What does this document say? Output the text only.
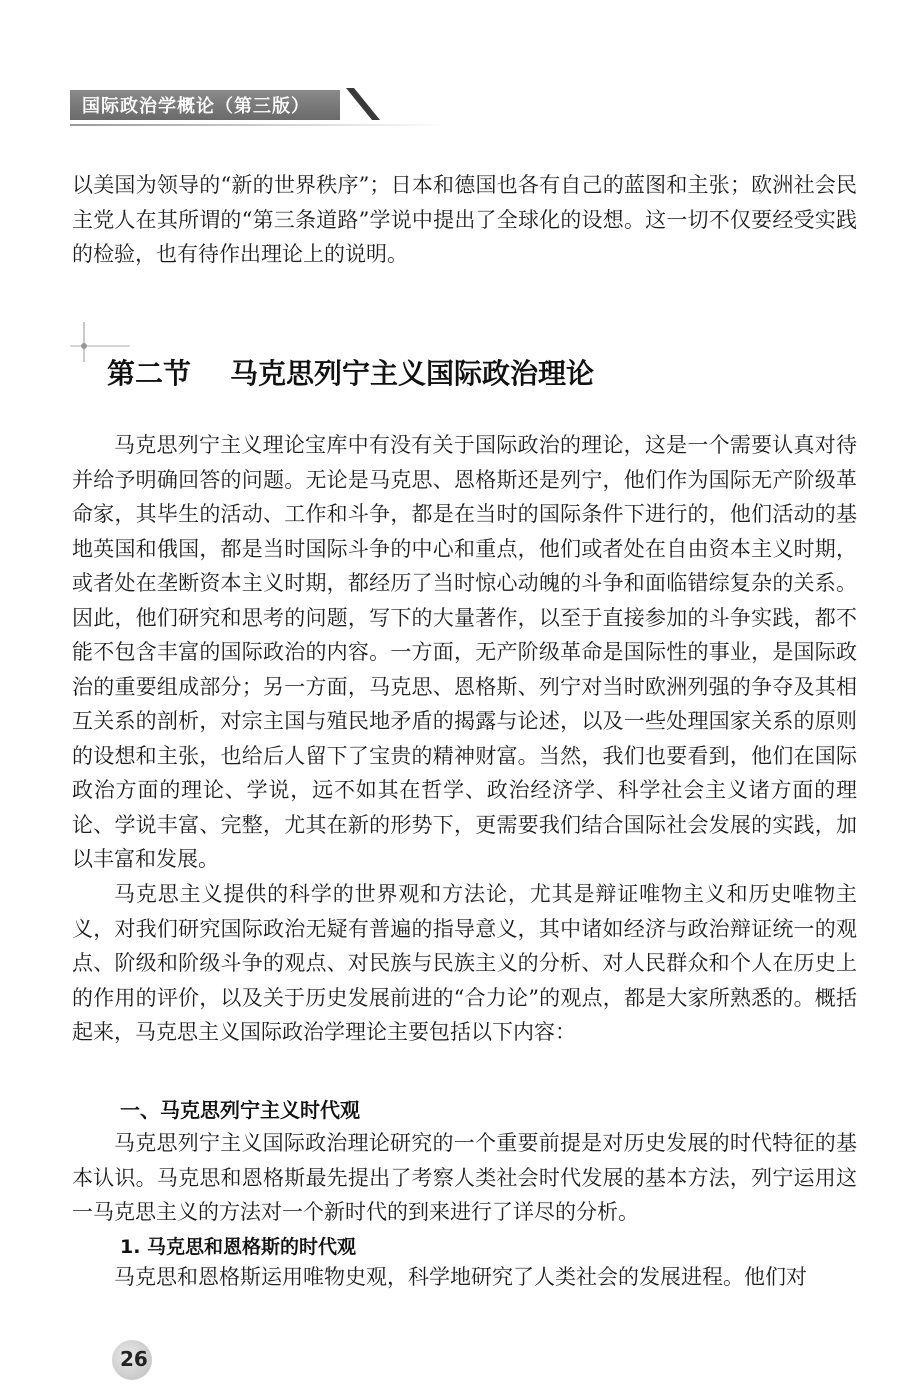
国际政治学概论（第三版）

以美国为领导的“新的世界秩序”；日本和德国也各有自己的蓝图和主张；欧洲社会民主党人在其所谓的“第三条道路”学说中提出了全球化的设想。这一切不仅要经受实践的检验，也有待作出理论上的说明。

第二节    马克思列宁主义国际政治理论

马克思列宁主义理论宝库中有没有关于国际政治的理论，这是一个需要认真对待并给予明确回答的问题。无论是马克思、恩格斯还是列宁，他们作为国际无产阶级革命家，其毕生的活动、工作和斗争，都是在当时的国际条件下进行的，他们活动的基地英国和俄国，都是当时国际斗争的中心和重点，他们或者处在自由资本主义时期，或者处在垄断资本主义时期，都经历了当时惊心动魄的斗争和面临错综复杂的关系。因此，他们研究和思考的问题，写下的大量著作，以至于直接参加的斗争实践，都不能不包含丰富的国际政治的内容。一方面，无产阶级革命是国际性的事业，是国际政治的重要组成部分；另一方面，马克思、恩格斯、列宁对当时欧洲列强的争夺及其相互关系的剖析，对宗主国与殖民地矛盾的揭露与论述，以及一些处理国家关系的原则的设想和主张，也给后人留下了宝贵的精神财富。当然，我们也要看到，他们在国际政治方面的理论、学说，远不如其在哲学、政治经济学、科学社会主义诸方面的理论、学说丰富、完整，尤其在新的形势下，更需要我们结合国际社会发展的实践，加以丰富和发展。

马克思主义提供的科学的世界观和方法论，尤其是辩证唯物主义和历史唯物主义，对我们研究国际政治无疑有普遍的指导意义，其中诸如经济与政治辩证统一的观点、阶级和阶级斗争的观点、对民族与民族主义的分析、对人民群众和个人在历史上的作用的评价，以及关于历史发展前进的“合力论”的观点，都是大家所熟悉的。概括起来，马克思主义国际政治学理论主要包括以下内容：

一、马克思列宁主义时代观

马克思列宁主义国际政治理论研究的一个重要前提是对历史发展的时代特征的基本认识。马克思和恩格斯最先提出了考察人类社会时代发展的基本方法，列宁运用这一马克思主义的方法对一个新时代的到来进行了详尽的分析。

1. 马克思和恩格斯的时代观

马克思和恩格斯运用唯物史观，科学地研究了人类社会的发展进程。他们对

26
